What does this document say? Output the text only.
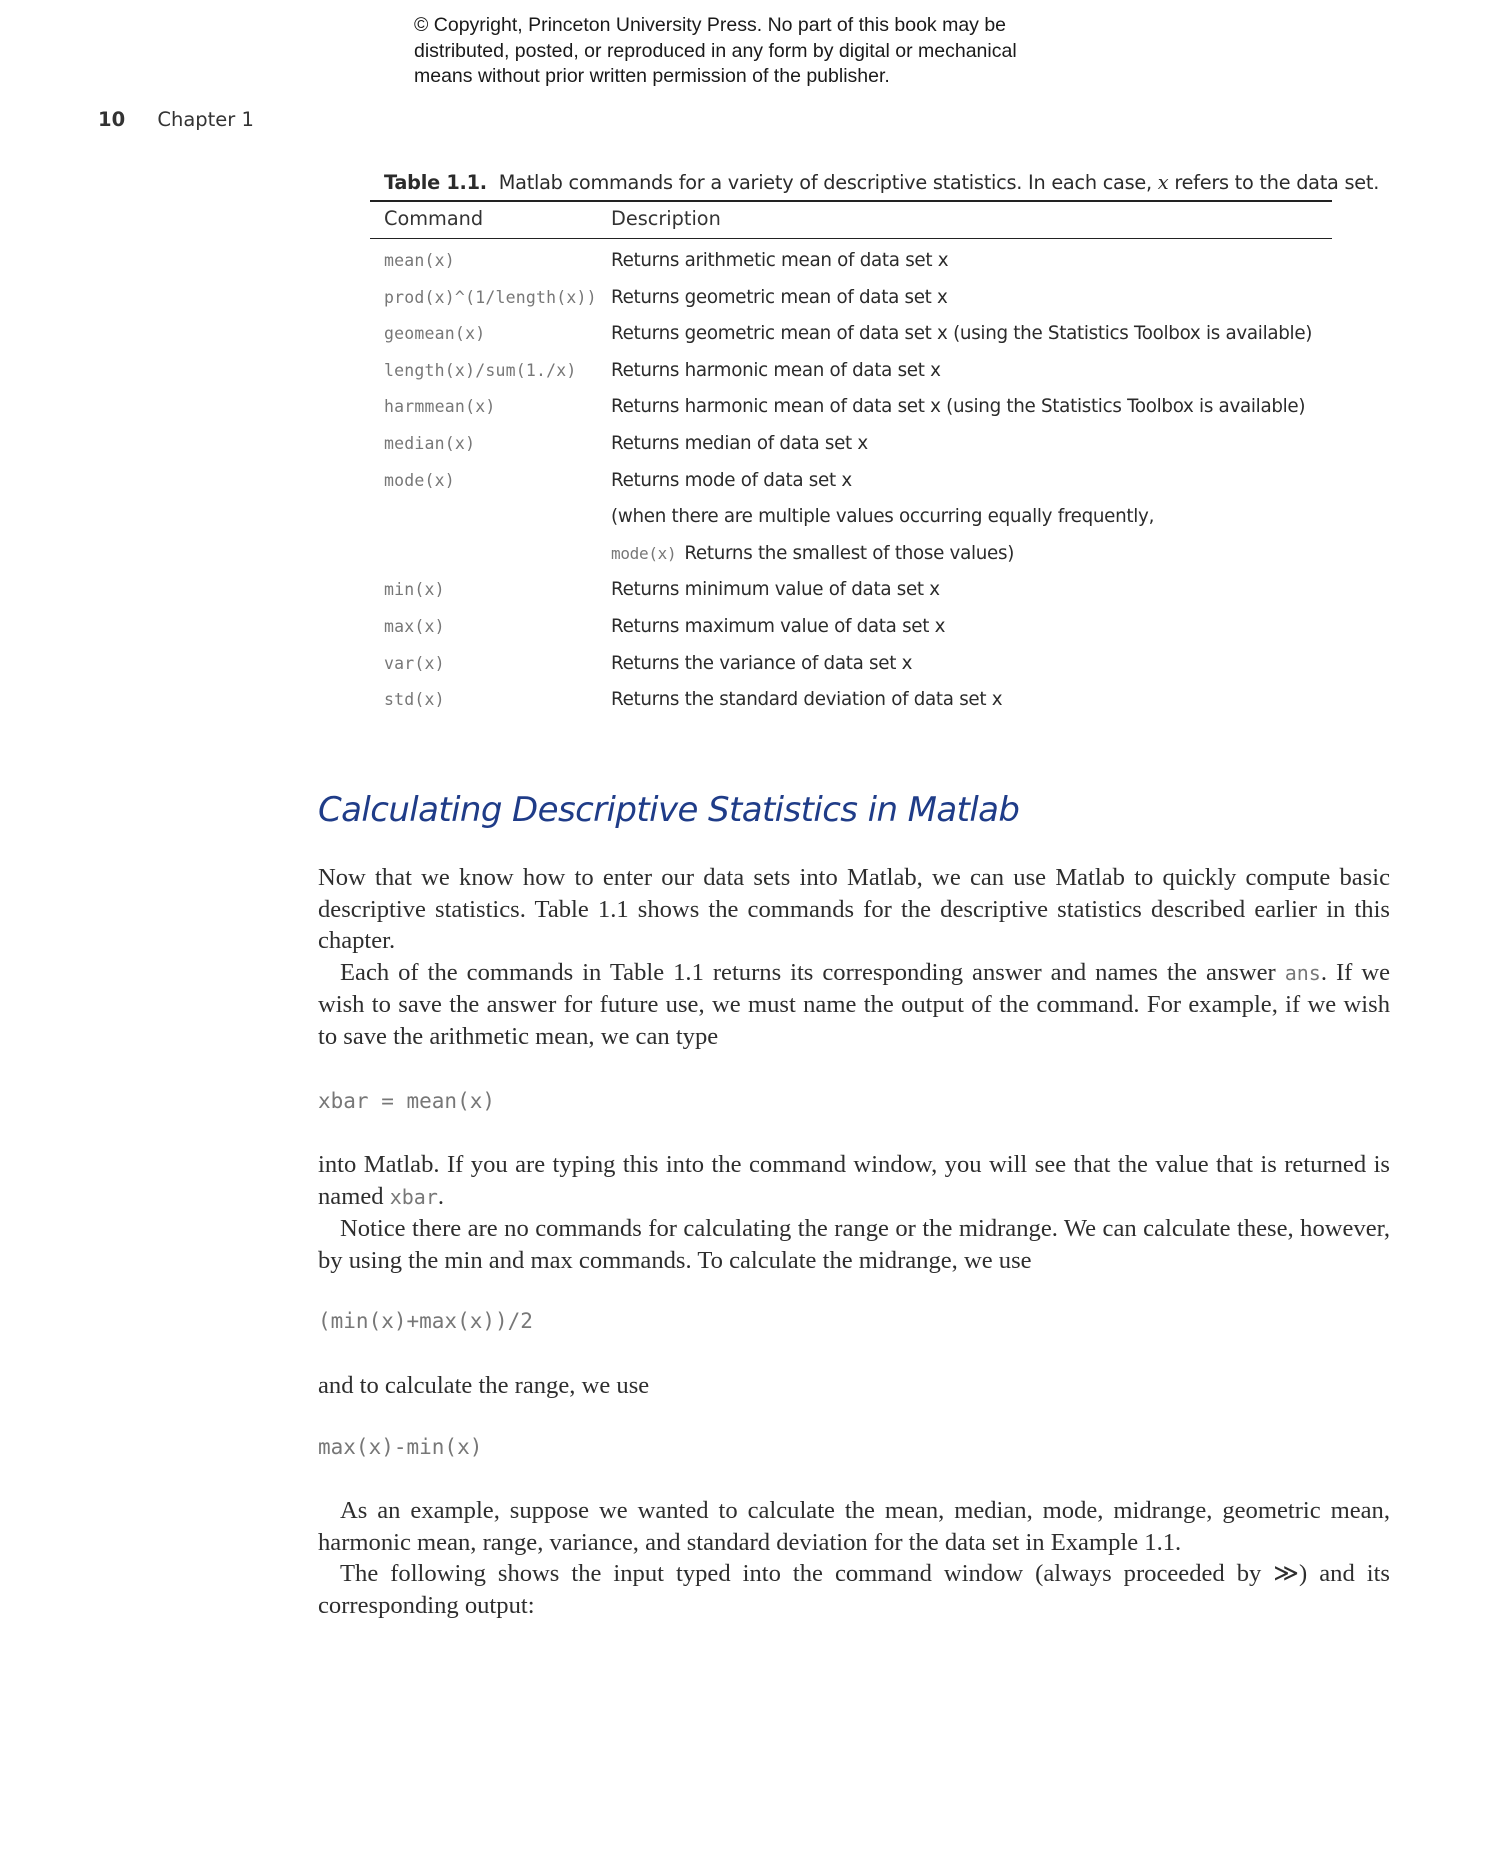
© Copyright, Princeton University Press. No part of this book may be
distributed, posted, or reproduced in any form by digital or mechanical
means without prior written permission of the publisher.
10 Chapter 1
Table 1.1. Matlab commands for a variety of descriptive statistics. In each case, x refers to the data set.
Command	Description
mean(x)	Returns arithmetic mean of data set x
prod(x)^(1/length(x)) Returns geometric mean of data set x
geomean(x)	Returns geometric mean of data set x (using the Statistics Toolbox is available)
length(x)/sum(1./x)	Returns harmonic mean of data set x
harmmean(x)	Returns harmonic mean of data set x (using the Statistics Toolbox is available)
median(x)	Returns median of data set x
mode(x)	Returns mode of data set x
(when there are multiple values occurring equally frequently,
mode(x) Returns the smallest of those values)
min(x)	Returns minimum value of data set x
max(x)	Returns maximum value of data set x
var(x)	Returns the variance of data set x
std(x)	Returns the standard deviation of data set x
Calculating Descriptive Statistics in Matlab

Now that we know how to enter our data sets into Matlab, we can use Matlab to quickly compute basic descriptive statistics. Table 1.1 shows the commands for the descriptive statistics described earlier in this chapter.

Each of the commands in Table 1.1 returns its corresponding answer and names the answer ans. If we wish to save the answer for future use, we must name the output of the command. For example, if we wish to save the arithmetic mean, we can type

xbar = mean(x)

into Matlab. If you are typing this into the command window, you will see that the value that is returned is named xbar.

Notice there are no commands for calculating the range or the midrange. We can calculate these, however, by using the min and max commands. To calculate the midrange, we use

(min(x)+max(x))/2

and to calculate the range, we use

max(x)-min(x)

As an example, suppose we wanted to calculate the mean, median, mode, midrange, geometric mean, harmonic mean, range, variance, and standard deviation for the data set in Example 1.1.

The following shows the input typed into the command window (always proceeded by ≫) and its corresponding output:
